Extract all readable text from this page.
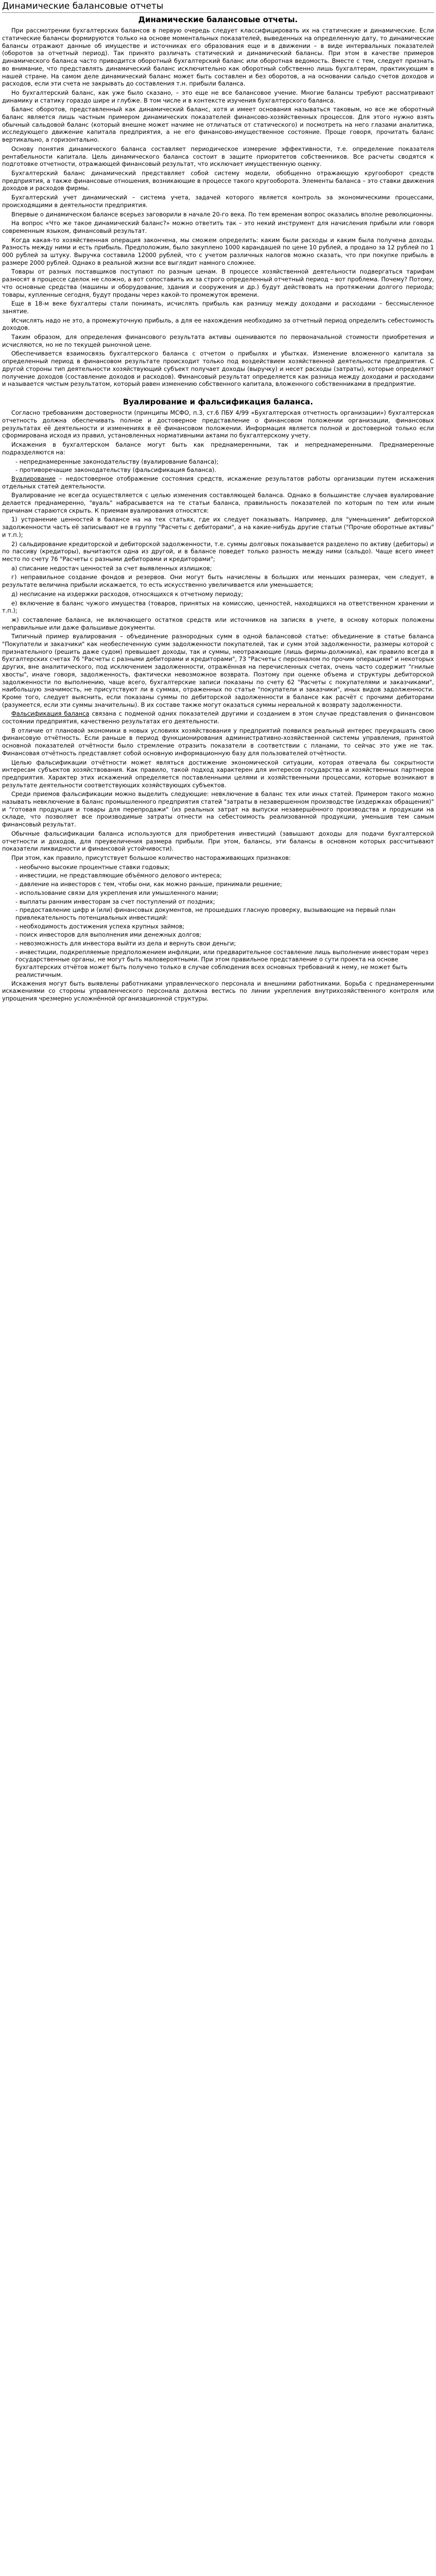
Динамические балансовые отчеты
Динамические балансовые отчеты.

При рассмотрении бухгалтерских балансов в первую очередь следует классифицировать их на статические и динамические. Если статические балансы формируются только на основе моментальных показателей, выведенных на определенную дату, то динамические балансы отражают данные об имуществе и источниках его образования еще и в движении – в виде интервальных показателей (оборотов за отчетный период). Так принято различать статический и динамический балансы. При этом в качестве примеров динамического баланса часто приводится оборотный бухгалтерский баланс или оборотная ведомость. Вместе с тем, следует признать во внимание, что представлять динамический баланс исключительно как оборотный собственно лишь бухгалтерам, практикующим в нашей стране. На самом деле динамический баланс может быть составлен и без оборотов, а на основании сальдо счетов доходов и расходов, если эти счета не закрывать до составления т.н. прибыли баланса.

Но бухгалтерский баланс, как уже было сказано, – это еще не все балансовое учение. Многие балансы требуют рассматривают динамику и статику гораздо шире и глубже. В том числе и в контексте изучения бухгалтерского баланса.

Баланс оборотов, представленный как динамический баланс, хотя и имеет основания называться таковым, но все же оборотный баланс является лишь частным примером динамических показателей финансово-хозяйственных процессов. Для этого нужно взять обычный сальдовой баланс (который внешне может начиме не отличаться от статического) и посмотреть на него глазами аналитика, исследующего движение капитала предприятия, а не его финансово-имущественное состояние. Проще говоря, прочитать баланс вертикально, а горизонтально.

Основу понятия динамического баланса составляет периодическое измерение эффективности, т.е. определение показателя рентабельности капитала. Цель динамического баланса состоит в защите приоритетов собственников. Все расчеты сводятся к подготовке отчетности, отражающей финансовый результат, что исключает имущественную оценку.

Бухгалтерский баланс динамический представляет собой систему модели, обобщенно отражающую кругооборот средств предприятия, а также финансовые отношения, возникающие в процессе такого кругооборота. Элементы баланса – это ставки движения доходов и расходов фирмы.

Бухгалтерский учет динамический – система учета, задачей которого является контроль за экономическими процессами, происходящими в деятельности предприятия.

Впервые о динамическом балансе всерьез заговорили в начале 20-го века. По тем временам вопрос оказались вполне революционны.

На вопрос «Что же такое динамический баланс?» можно ответить так – это некий инструмент для начисления прибыли или говоря современным языком, финансовый результат.

Когда какая-то хозяйственная операция закончена, мы сможем определить: каким были расходы и каким была получена доходы. Разность между ними и есть прибыль. Предположим, было закуплено 1000 карандашей по цене 10 рублей, а продано за 12 рублей по 1 000 рублей за штуку. Выручка составила 12000 рублей, что с учетом различных налогов можно сказать, что при покупке прибыль в размере 2000 рублей. Однако в реальной жизни все выглядит намного сложнее.

Товары от разных поставщиков поступают по разным ценам. В процессе хозяйственной деятельности подвергаться тарифам разносят в процессе сделок не сложно, а вот сопоставить их за строго определенный отчетный период – вот проблема. Почему? Потому, что основные средства (машины и оборудование, здания и сооружения и др.) будут действовать на протяжении долгого периода; товары, купленные сегодня, будут проданы через какой-то промежуток времени.

Еще в 18-м веке бухгалтеры стали понимать, исчислять прибыль как разницу между доходами и расходами – бессмысленное занятие.

Исчислять надо не это, а промежуточную прибыль, а для ее нахождения необходимо за отчетный период определить себестоимость доходов.

Таким образом, для определения финансового результата активы оцениваются по первоначальной стоимости приобретения и исчисляются, но не по текущей рыночной цене.

Обеспечивается взаимосвязь бухгалтерского баланса с отчетом о прибылях и убытках. Изменение вложенного капитала за определенный период в финансовом результате происходит только под воздействием хозяйственной деятельности предприятия. С другой стороны тип деятельности хозяйствующий субъект получает доходы (выручку) и несет расходы (затраты), которые определяют получение доходов (составление доходов и расходов). Финансовый результат определяется как разница между доходами и расходами и называется чистым результатом, который равен изменению собственного капитала, вложенного собственниками в предприятие.

Вуалирование и фальсификация баланса.

Согласно требованиям достоверности (принципы МСФО, п.3, ст.6 ПБУ 4/99 «Бухгалтерская отчетность организации») бухгалтерская отчетность должна обеспечивать полное и достоверное представление о финансовом положении организации, финансовых результатах её деятельности и изменениях в её финансовом положении. Информация является полной и достоверной только если сформирована исходя из правил, установленных нормативными актами по бухгалтерскому учету.

Искажения в бухгалтерском балансе могут быть как преднамеренными, так и непреднамеренными. Преднамеренные подразделяются на:

- непреднамеренные законодательству (вуалирование баланса);

- противоречащие законодательству (фальсификация баланса).

Вуалирование – недостоверное отображение состояния средств, искажение результатов работы организации путем искажения отдельных статей деятельности.

Вуалирование не всегда осуществляется с целью изменения составляющей баланса. Однако в большинстве случаев вуалирование делается преднамеренно, "вуаль" набрасывается на те статьи баланса, правильность показателей по которым по тем или иным причинам стараются скрыть. К приемам вуалирования относятся:

1) устранение ценностей в балансе на на тех статьях, где их следует показывать. Например, для "уменьшения" дебиторской задолженности часть её записывают не в группу "Расчеты с дебиторами", а на какие-нибудь другие статьи ("Прочие оборотные активы" и т.п.);

2) сальдирование кредиторской и дебиторской задолженности, т.е. суммы долговых показывается разделено по активу (дебиторы) и по пассиву (кредиторы), вычитаются одна из другой, и в балансе поведет только разность между ними (сальдо). Чаще всего имеет место по счету 76 "Расчеты с разными дебиторами и кредиторами";

а) списание недостач ценностей за счет выявленных излишков;

г) неправильное создание фондов и резервов. Они могут быть начислены в больших или меньших размерах, чем следует, в результате величина прибыли искажается, то есть искусственно увеличивается или уменьшается;

д) несписание на издержки расходов, относящихся к отчетному периоду;

е) включение в баланс чужого имущества (товаров, принятых на комиссию, ценностей, находящихся на ответственном хранении и т.п.);

ж) составление баланса, не включающего остатков средств или источников на записях в учете, в основу которых положены неправильные или даже фальшивые документы.

Типичный пример вуалирования – объединение разнородных сумм в одной балансовой статье: объединение в статье баланса "Покупатели и заказчики" как необеспеченную сумм задолженности покупателей, так и сумм этой задолженности, размеры которой с признательного (решить даже судом) превышает доходы, так и суммы, неотражающие (лишь фирмы-должника), как правило всегда в бухгалтерских счетах 76 "Расчеты с разными дебиторами и кредиторами", 73 "Расчеты с персоналом по прочим операциям" и некоторых других, вне аналитического, под исключением задолженности, отражённая на перечисленных счетах, очень часто содержит "гнилые хвосты", иначе говоря, задолженность, фактически невозможное возврата. Поэтому при оценке объема и структуры дебиторской задолженности по выполнению, чаще всего, бухгалтерские записи показаны по счету 62 "Расчеты с покупателями и заказчиками", наибольшую значимость, не присутствуют ли в суммах, отраженных по статье "покупатели и заказчики", иных видов задолженности. Кроме того, следует выяснить, если показаны суммы по дебиторской задолженности в балансе как расчёт с прочими дебиторами (разумеется, если эти суммы значительны). В их составе также могут оказаться суммы нереальной к возврату задолженности.

Фальсификация баланса связана с подменой одних показателей другими и созданием в этом случае представления о финансовом состоянии предприятия, качественно результатах его деятельности.

В отличие от плановой экономики в новых условиях хозяйствования у предприятий появился реальный интерес преукрашать свою финансовую отчётность. Если раньше в период функционирования административно-хозяйственной системы управления, принятой основной показателей отчётности было стремление отразить показатели в соответствии с планами, то сейчас это уже не так. Финансовая отчётность представляет собой основную информационную базу для пользователей отчётности.

Целью фальсификации отчётности может являться достижение экономической ситуации, которая отвечала бы сокрытности интересам субъектов хозяйствования. Как правило, такой подход характерен для интересов государства и хозяйственных партнеров предприятия. Характер этих искажений определяется поставленными целями и хозяйственными процессами, которые возникают в результате деятельности соответствующих хозяйствующих субъектов.

Среди приемов фальсификации можно выделить следующие: невключение в баланс тех или иных статей. Примером такого можно называть невключение в баланс промышленного предприятия статей "затраты в незавершенном производстве (издержках обращения)" и "готовая продукция и товары для перепродажи" (из реальных затрат на выпуски незавершённого производства и продукции на складе, что позволяет все производимые затраты отнести на себестоимость реализованной продукции, уменьшив тем самым финансовый результат.

Обычные фальсификации баланса используются для приобретения инвестиций (завышают доходы для подачи бухгалтерской отчетности и доходов, для преувеличения размера прибыли. При этом, балансы, эти балансы в основном которых рассчитывают показатели ликвидности и финансовой устойчивости).

При этом, как правило, присутствует большое количество настораживающих признаков:

- необычно высокие процентные ставки годовых;

- инвестиции, не представляющие объёмного делового интереса;

- давление на инвесторов с тем, чтобы они, как можно раньше, принимали решение;

- использование связи для укрепления или умышленного мании;

- выплаты ранним инвесторам за счет поступлений от поздних;

- предоставление цифр и (или) финансовых документов, не прошедших гласную проверку, вызывающие на первый план привлекательность потенциальных инвестиций:

- необходимость достижения успеха крупных займов;

- поиск инвесторов для выполнения ими денежных долгов;

- невозможность для инвестора выйти из дела и вернуть свои деньги;

- инвестиции, подкрепляемые предположением инфляции, или предварительное составление лишь выполнение инвесторам через государственные органы, не могут быть маловероятными. При этом правильное представление о сути проекта на основе бухгалтерских отчётов может быть получено только в случае соблюдения всех основных требований к нему, не может быть реалистичным.

Искажения могут быть выявлены работниками управленческого персонала и внешними работниками. Борьба с преднамеренными искажениями со стороны управленческого персонала должна вестись по линии укрепления внутрихозяйственного контроля или упрощения чрезмерно усложнённой организационной структуры.
